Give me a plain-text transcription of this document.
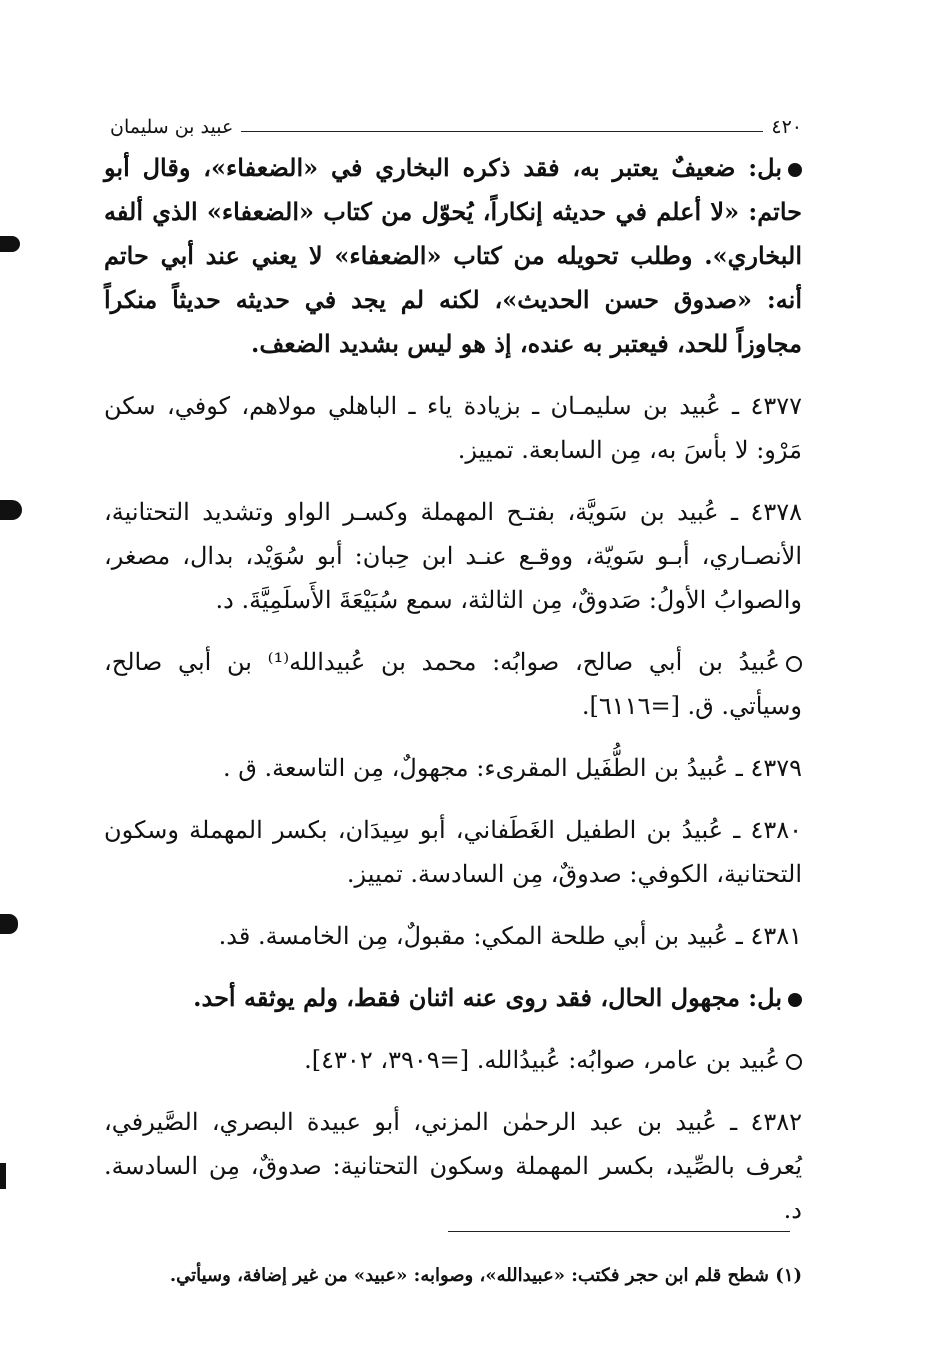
٤٢٠
عبيد بن سليمان

بل: ضعيفٌ يعتبر به، فقد ذكره البخاري في «الضعفاء»، وقال أبو حاتم: «لا أعلم في حديثه إنكاراً، يُحوّل من كتاب «الضعفاء» الذي ألفه البخاري». وطلب تحويله من كتاب «الضعفاء» لا يعني عند أبي حاتم أنه: «صدوق حسن الحديث»، لكنه لم يجد في حديثه حديثاً منكراً مجاوزاً للحد، فيعتبر به عنده، إذ هو ليس بشديد الضعف.

٤٣٧٧ ـ عُبيد بن سليمـان ـ بزيادة ياء ـ الباهلي مولاهم، كوفي، سكن مَرْو: لا بأسَ به، مِن السابعة. تمييز.

٤٣٧٨ ـ عُبيد بن سَويَّة، بفتـح المهملة وكسـر الواو وتشديد التحتانية، الأنصـاري، أبـو سَويّة، ووقـع عنـد ابن حِبان: أبو سُوَيْد، بدال، مصغر، والصوابُ الأولُ: صَدوقٌ، مِن الثالثة، سمع سُبَيْعَةَ الأَسلَمِيَّةَ. د.

عُبيدُ بن أبي صالح، صوابُه: محمد بن عُبيدالله⁽¹⁾ بن أبي صالح، وسيأتي. ق. [=٦١١٦].

٤٣٧٩ ـ عُبيدُ بن الطُّفَيل المقرىء: مجهولٌ، مِن التاسعة. ق .

٤٣٨٠ ـ عُبيدُ بن الطفيل الغَطَفاني، أبو سِيدَان، بكسر المهملة وسكون التحتانية، الكوفي: صدوقٌ، مِن السادسة. تمييز.

٤٣٨١ ـ عُبيد بن أبي طلحة المكي: مقبولٌ، مِن الخامسة. قد.

بل: مجهول الحال، فقد روى عنه اثنان فقط، ولم يوثقه أحد.

عُبيد بن عامر، صوابُه: عُبيدُالله. [=٣٩٠٩، ٤٣٠٢].

٤٣٨٢ ـ عُبيد بن عبد الرحمٰن المزني، أبو عبيدة البصري، الصَّيرفي، يُعرف بالصِّيد، بكسر المهملة وسكون التحتانية: صدوقٌ، مِن السادسة. د.

(١) شطح قلم ابن حجر فكتب: «عبيدالله»، وصوابه: «عبيد» من غير إضافة، وسيأتي.
